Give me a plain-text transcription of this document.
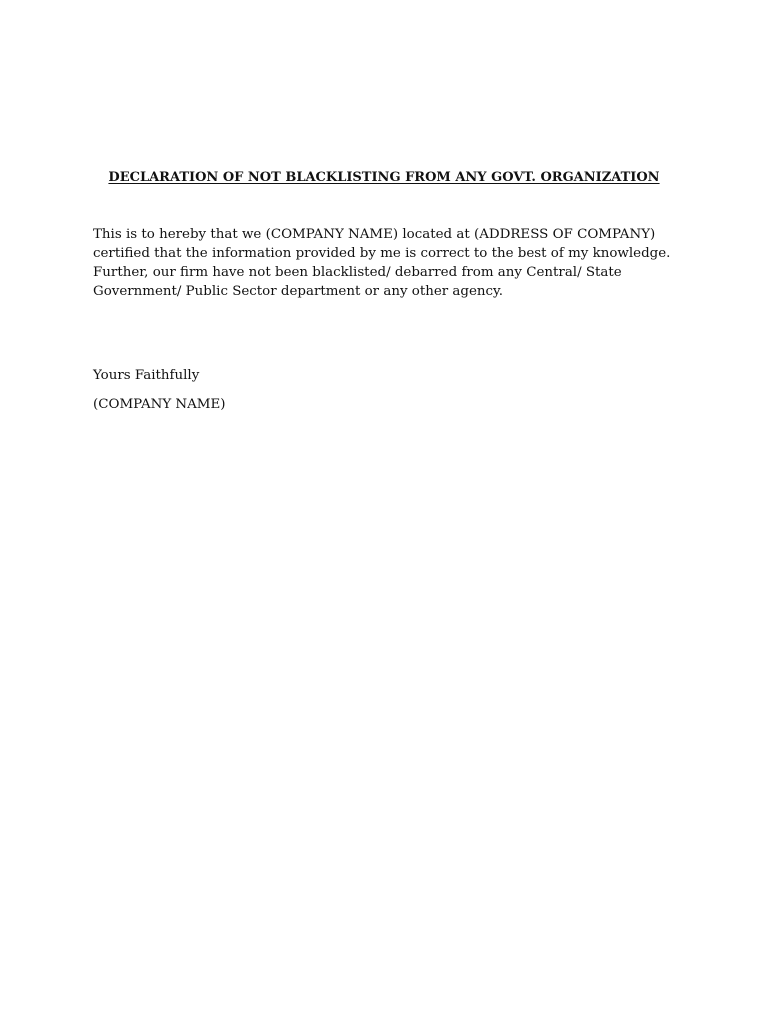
DECLARATION OF NOT BLACKLISTING FROM ANY GOVT. ORGANIZATION
This is to hereby that we (COMPANY NAME) located at (ADDRESS OF COMPANY)
certified that the information provided by me is correct to the best of my knowledge.
Further, our firm have not been blacklisted/ debarred from any Central/ State
Government/ Public Sector department or any other agency.
Yours Faithfully
(COMPANY NAME)
